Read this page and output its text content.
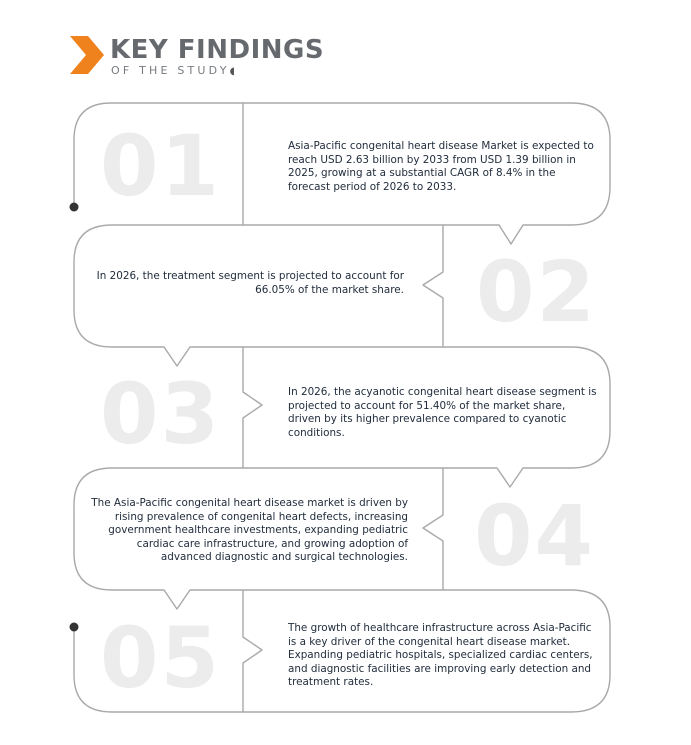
KEY FINDINGS
OF THE STUDY◖
01
02
03
04
05
Asia-Pacific congenital heart disease Market is expected to reach USD 2.63 billion by 2033 from USD 1.39 billion in 2025, growing at a substantial CAGR of 8.4% in the forecast period of 2026 to 2033.
In 2026, the treatment segment is projected to account for 66.05% of the market share.
In 2026, the acyanotic congenital heart disease segment is projected to account for 51.40% of the market share, driven by its higher prevalence compared to cyanotic conditions.
The Asia-Pacific congenital heart disease market is driven by rising prevalence of congenital heart defects, increasing government healthcare investments, expanding pediatric cardiac care infrastructure, and growing adoption of advanced diagnostic and surgical technologies.
The growth of healthcare infrastructure across Asia-Pacific is a key driver of the congenital heart disease market. Expanding pediatric hospitals, specialized cardiac centers, and diagnostic facilities are improving early detection and treatment rates.
